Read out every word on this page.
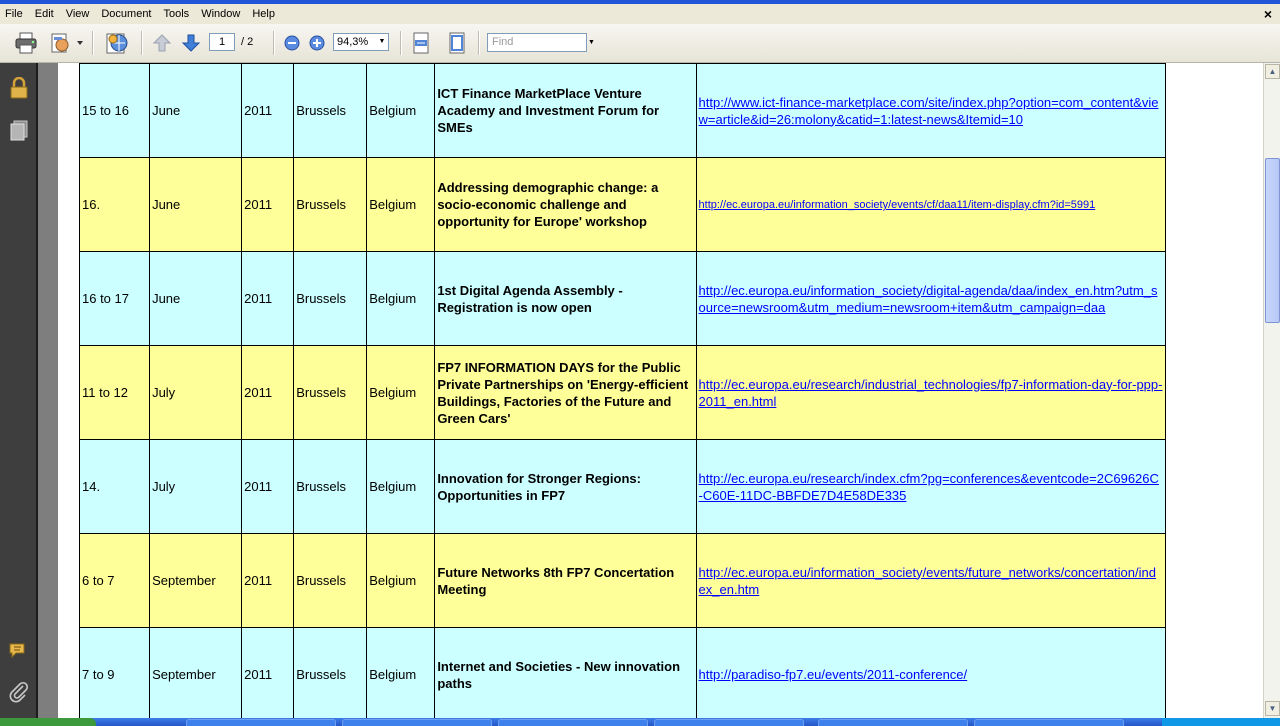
File	Edit	View	Document	Tools	Window	Help	×
1	/ 2	94,3% ▼	Find	▼
15 to 16	June	2011	Brussels	Belgium	ICT Finance MarketPlace Venture Academy and Investment Forum for SMEs	http://www.ict-finance-marketplace.com/site/index.php?option=com_content&view=article&id=26:molony&catid=1:latest-news&Itemid=10
16.	June	2011	Brussels	Belgium	Addressing demographic change: a socio-economic challenge and opportunity for Europe' workshop	http://ec.europa.eu/information_society/events/cf/daa11/item-display.cfm?id=5991
16 to 17	June	2011	Brussels	Belgium	1st Digital Agenda Assembly - Registration is now open	http://ec.europa.eu/information_society/digital-agenda/daa/index_en.htm?utm_source=newsroom&utm_medium=newsroom+item&utm_campaign=daa
11 to 12	July	2011	Brussels	Belgium	FP7 INFORMATION DAYS for the Public Private Partnerships on 'Energy-efficient Buildings, Factories of the Future and Green Cars'	http://ec.europa.eu/research/industrial_technologies/fp7-information-day-for-ppp-2011_en.html
14.	July	2011	Brussels	Belgium	Innovation for Stronger Regions: Opportunities in FP7	http://ec.europa.eu/research/index.cfm?pg=conferences&eventcode=2C69626C-C60E-11DC-BBFDE7D4E58DE335
6 to 7	September	2011	Brussels	Belgium	Future Networks 8th FP7 Concertation Meeting	http://ec.europa.eu/information_society/events/future_networks/concertation/index_en.htm
7 to 9	September	2011	Brussels	Belgium	Internet and Societies - New innovation paths	http://paradiso-fp7.eu/events/2011-conference/
▲
▼
